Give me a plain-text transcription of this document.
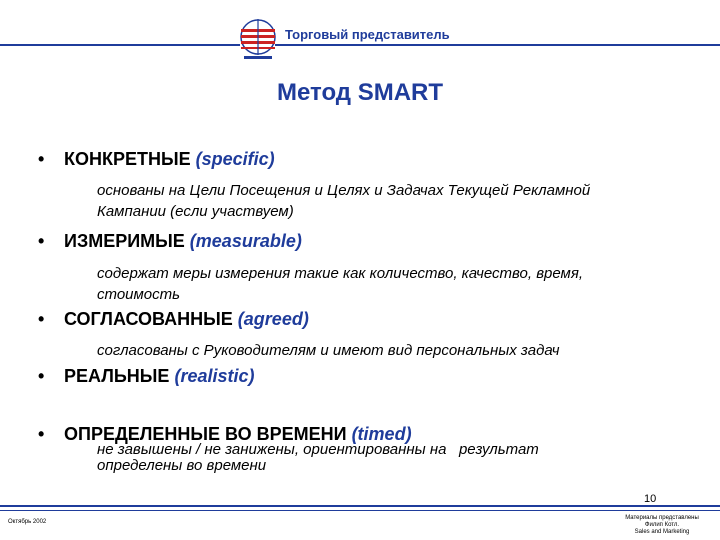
Торговый представитель
Метод SMART
• КОНКРЕТНЫЕ (specific)
основаны на Цели Посещения и Целях и Задачах Текущей Рекламной
Кампании (если участвуем)
• ИЗМЕРИМЫЕ (measurable)
содержат меры измерения такие как количество, качество, время,
стоимость
• СОГЛАСОВАННЫЕ (agreed)
согласованы с Руководителям и имеют вид персональных задач
• РЕАЛЬНЫЕ (realistic)

не завышены / не занижены, ориентированны на   результат

• ОПРЕДЕЛЕННЫЕ ВО ВРЕМЕНИ (timed)
определены во времени
10
Октябрь 2002
Материалы представлены
Филип Котл.
Sales and Marketing
